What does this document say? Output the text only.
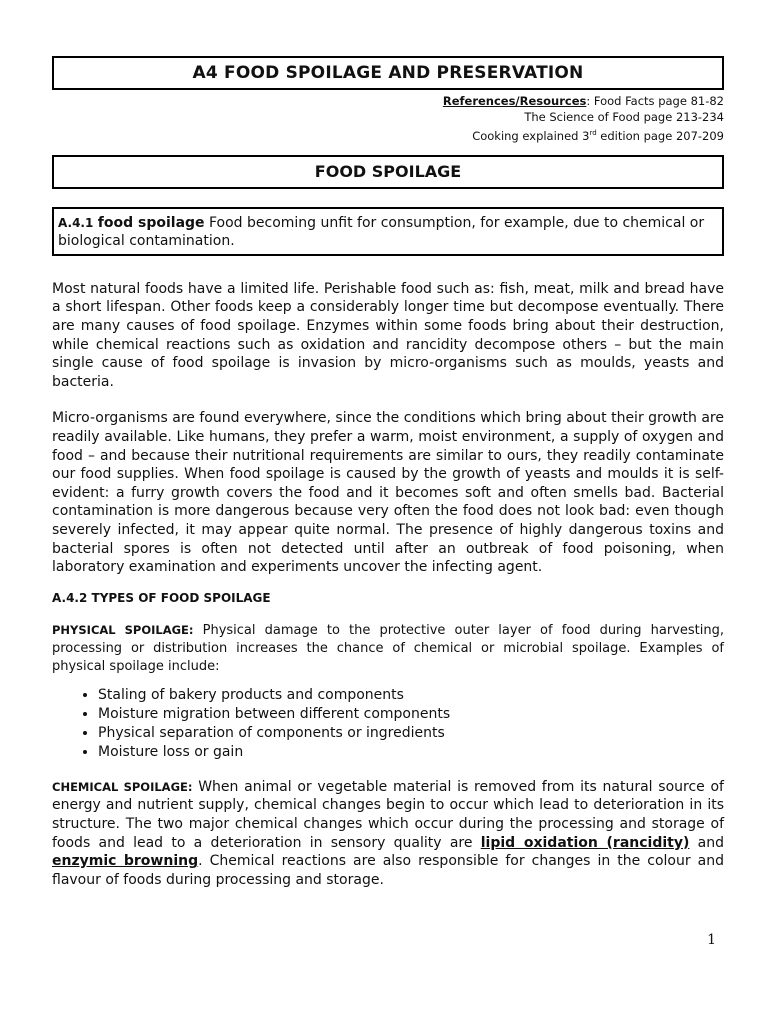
A4 FOOD SPOILAGE AND PRESERVATION
References/Resources: Food Facts page 81-82
The Science of Food page 213-234
Cooking explained 3rd edition page 207-209
FOOD SPOILAGE
A.4.1 food spoilage Food becoming unfit for consumption, for example, due to chemical or biological contamination.

Most natural foods have a limited life. Perishable food such as: fish, meat, milk and bread have a short lifespan. Other foods keep a considerably longer time but decompose eventually. There are many causes of food spoilage. Enzymes within some foods bring about their destruction, while chemical reactions such as oxidation and rancidity decompose others – but the main single cause of food spoilage is invasion by micro-organisms such as moulds, yeasts and bacteria.

Micro-organisms are found everywhere, since the conditions which bring about their growth are readily available. Like humans, they prefer a warm, moist environment, a supply of oxygen and food – and because their nutritional requirements are similar to ours, they readily contaminate our food supplies. When food spoilage is caused by the growth of yeasts and moulds it is self-evident: a furry growth covers the food and it becomes soft and often smells bad. Bacterial contamination is more dangerous because very often the food does not look bad: even though severely infected, it may appear quite normal. The presence of highly dangerous toxins and bacterial spores is often not detected until after an outbreak of food poisoning, when laboratory examination and experiments uncover the infecting agent.

A.4.2 TYPES OF FOOD SPOILAGE

PHYSICAL SPOILAGE: Physical damage to the protective outer layer of food during harvesting, processing or distribution increases the chance of chemical or microbial spoilage. Examples of physical spoilage include:

• Staling of bakery products and components
• Moisture migration between different components
• Physical separation of components or ingredients
• Moisture loss or gain

CHEMICAL SPOILAGE: When animal or vegetable material is removed from its natural source of energy and nutrient supply, chemical changes begin to occur which lead to deterioration in its structure. The two major chemical changes which occur during the processing and storage of foods and lead to a deterioration in sensory quality are lipid oxidation (rancidity) and enzymic browning. Chemical reactions are also responsible for changes in the colour and flavour of foods during processing and storage.

1
